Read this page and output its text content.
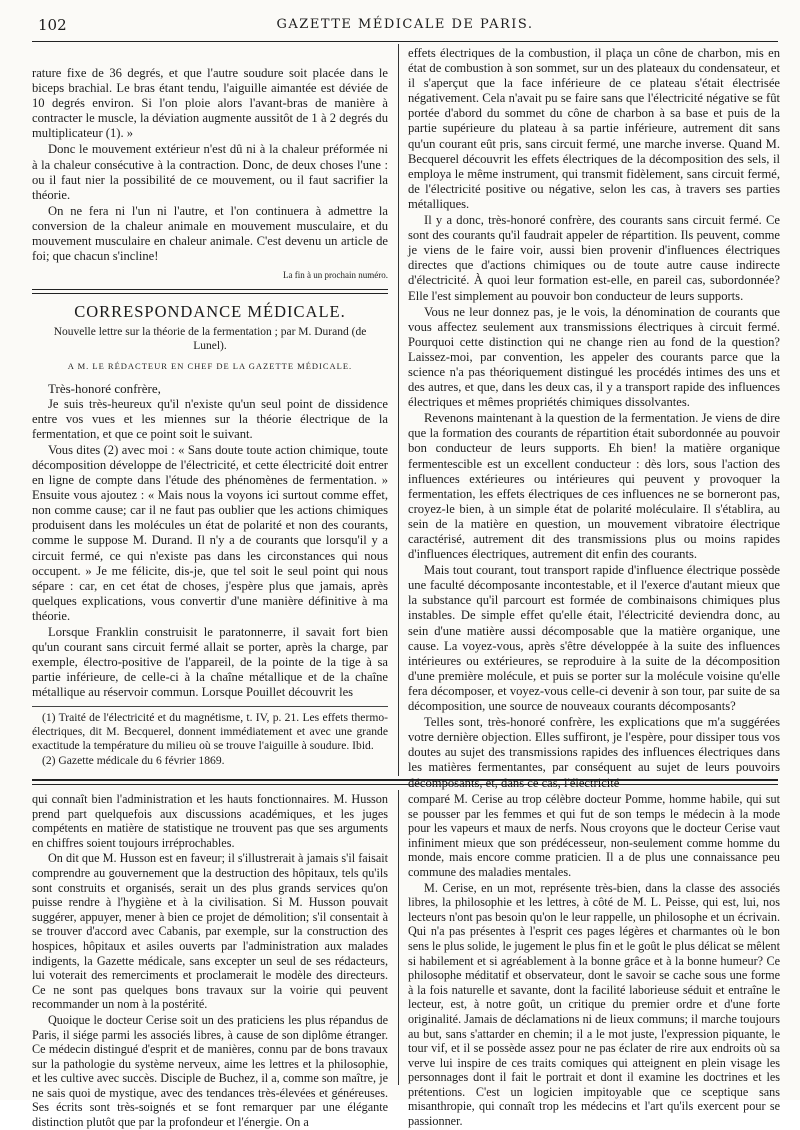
102	GAZETTE MÉDICALE DE PARIS.

rature fixe de 36 degrés, et que l'autre soudure soit placée dans le biceps brachial. Le bras étant tendu, l'aiguille aimantée est déviée de 10 degrés environ. Si l'on ploie alors l'avant-bras de manière à contracter le muscle, la déviation augmente aussitôt de 1 à 2 degrés du multiplicateur (1). »

Donc le mouvement extérieur n'est dû ni à la chaleur préformée ni à la chaleur consécutive à la contraction. Donc, de deux choses l'une : ou il faut nier la possibilité de ce mouvement, ou il faut sacrifier la théorie.

On ne fera ni l'un ni l'autre, et l'on continuera à admettre la conversion de la chaleur animale en mouvement musculaire, et du mouvement musculaire en chaleur animale. C'est devenu un article de foi; que chacun s'incline!

La fin à un prochain numéro.
CORRESPONDANCE MÉDICALE.
Nouvelle lettre sur la théorie de la fermentation ; par M. Durand (de Lunel).
A M. LE RÉDACTEUR EN CHEF DE LA GAZETTE MÉDICALE.

Très-honoré confrère,

Je suis très-heureux qu'il n'existe qu'un seul point de dissidence entre vos vues et les miennes sur la théorie électrique de la fermentation, et que ce point soit le suivant.

Vous dites (2) avec moi : « Sans doute toute action chimique, toute décomposition développe de l'électricité, et cette électricité doit entrer en ligne de compte dans l'étude des phénomènes de fermentation. » Ensuite vous ajoutez : « Mais nous la voyons ici surtout comme effet, non comme cause; car il ne faut pas oublier que les actions chimiques produisent dans les molécules un état de polarité et non des courants, comme le suppose M. Durand. Il n'y a de courants que lorsqu'il y a circuit fermé, ce qui n'existe pas dans les circonstances qui nous occupent. » Je me félicite, dis-je, que tel soit le seul point qui nous sépare : car, en cet état de choses, j'espère plus que jamais, après quelques explications, vous convertir d'une manière définitive à ma théorie.

Lorsque Franklin construisit le paratonnerre, il savait fort bien qu'un courant sans circuit fermé allait se porter, après la charge, par exemple, électro-positive de l'appareil, de la pointe de la tige à sa partie inférieure, de celle-ci à la chaîne métallique et de la chaîne métallique au réservoir commun. Lorsque Pouillet découvrit les

(1) Traité de l'électricité et du magnétisme, t. IV, p. 21. Les effets thermo-électriques, dit M. Becquerel, donnent immédiatement et avec une grande exactitude la température du milieu où se trouve l'aiguille à soudure. Ibid.

(2) Gazette médicale du 6 février 1869.

effets électriques de la combustion, il plaça un cône de charbon, mis en état de combustion à son sommet, sur un des plateaux du condensateur, et il s'aperçut que la face inférieure de ce plateau s'était électrisée négativement. Cela n'avait pu se faire sans que l'électricité négative se fût portée d'abord du sommet du cône de charbon à sa base et puis de la partie supérieure du plateau à sa partie inférieure, autrement dit sans qu'un courant eût pris, sans circuit fermé, une marche inverse. Quand M. Becquerel découvrit les effets électriques de la décomposition des sels, il employa le même instrument, qui transmit fidèlement, sans circuit fermé, de l'électricité positive ou négative, selon les cas, à travers ses parties métalliques.

Il y a donc, très-honoré confrère, des courants sans circuit fermé. Ce sont des courants qu'il faudrait appeler de répartition. Ils peuvent, comme je viens de le faire voir, aussi bien provenir d'influences électriques directes que d'actions chimiques ou de toute autre cause indirecte d'électricité. À quoi leur formation est-elle, en pareil cas, subordonnée? Elle l'est simplement au pouvoir bon conducteur de leurs supports.

Vous ne leur donnez pas, je le vois, la dénomination de courants que vous affectez seulement aux transmissions électriques à circuit fermé. Pourquoi cette distinction qui ne change rien au fond de la question? Laissez-moi, par convention, les appeler des courants parce que la science n'a pas théoriquement distingué les procédés intimes des uns et des autres, et que, dans les deux cas, il y a transport rapide des influences électriques et mêmes propriétés chimiques dissolvantes.

Revenons maintenant à la question de la fermentation. Je viens de dire que la formation des courants de répartition était subordonnée au pouvoir bon conducteur de leurs supports. Eh bien! la matière organique fermentescible est un excellent conducteur : dès lors, sous l'action des influences extérieures ou intérieures qui peuvent y provoquer la fermentation, les effets électriques de ces influences ne se borneront pas, croyez-le bien, à un simple état de polarité moléculaire. Il s'établira, au sein de la matière en question, un mouvement vibratoire électrique caractérisé, autrement dit des transmissions plus ou moins rapides d'influences électriques, autrement dit enfin des courants.

Mais tout courant, tout transport rapide d'influence électrique possède une faculté décomposante incontestable, et il l'exerce d'autant mieux que la substance qu'il parcourt est formée de combinaisons chimiques plus instables. De simple effet qu'elle était, l'électricité deviendra donc, au sein d'une matière aussi décomposable que la matière organique, une cause. La voyez-vous, après s'être développée à la suite des influences intérieures ou extérieures, se reproduire à la suite de la décomposition d'une première molécule, et puis se porter sur la molécule voisine qu'elle fera décomposer, et voyez-vous celle-ci devenir à son tour, par suite de sa décomposition, une source de nouveaux courants décomposants?

Telles sont, très-honoré confrère, les explications que m'a suggérées votre dernière objection. Elles suffiront, je l'espère, pour dissiper tous vos doutes au sujet des transmissions rapides des influences électriques dans les matières fermentantes, par conséquent au sujet de leurs pouvoirs décomposants, et, dans ce cas, l'électricité

qui connaît bien l'administration et les hauts fonctionnaires. M. Husson prend part quelquefois aux discussions académiques, et les juges compétents en matière de statistique ne trouvent pas que ses arguments en chiffres soient toujours irréprochables.

On dit que M. Husson est en faveur; il s'illustrerait à jamais s'il faisait comprendre au gouvernement que la destruction des hôpitaux, tels qu'ils sont construits et organisés, serait un des plus grands services qu'on puisse rendre à l'hygiène et à la civilisation. Si M. Husson pouvait suggérer, appuyer, mener à bien ce projet de démolition; s'il consentait à se trouver d'accord avec Cabanis, par exemple, sur la construction des hospices, hôpitaux et asiles ouverts par l'administration aux malades indigents, la Gazette médicale, sans excepter un seul de ses rédacteurs, lui voterait des remerciments et proclamerait le modèle des directeurs. Ce ne sont pas quelques bons travaux sur la voirie qui peuvent recommander un nom à la postérité.

Quoique le docteur Cerise soit un des praticiens les plus répandus de Paris, il siége parmi les associés libres, à cause de son diplôme étranger. Ce médecin distingué d'esprit et de manières, connu par de bons travaux sur la pathologie du système nerveux, aime les lettres et la philosophie, et les cultive avec succès. Disciple de Buchez, il a, comme son maître, je ne sais quoi de mystique, avec des tendances très-élevées et généreuses. Ses écrits sont très-soignés et se font remarquer par une élégante distinction plutôt que par la profondeur et l'énergie. On a

comparé M. Cerise au trop célèbre docteur Pomme, homme habile, qui sut se pousser par les femmes et qui fut de son temps le médecin à la mode pour les vapeurs et maux de nerfs. Nous croyons que le docteur Cerise vaut infiniment mieux que son prédécesseur, non-seulement comme homme du monde, mais encore comme praticien. Il a de plus une connaissance peu commune des maladies mentales.

M. Cerise, en un mot, représente très-bien, dans la classe des associés libres, la philosophie et les lettres, à côté de M. L. Peisse, qui est, lui, nos lecteurs n'ont pas besoin qu'on le leur rappelle, un philosophe et un écrivain. Qui n'a pas présentes à l'esprit ces pages légères et charmantes où le bon sens le plus solide, le jugement le plus fin et le goût le plus délicat se mêlent si habilement et si agréablement à la bonne grâce et à la bonne humeur? Ce philosophe méditatif et observateur, dont le savoir se cache sous une forme à la fois naturelle et savante, dont la facilité laborieuse séduit et entraîne le lecteur, est, à notre goût, un critique du premier ordre et d'une forte originalité. Jamais de déclamations ni de lieux communs; il marche toujours au but, sans s'attarder en chemin; il a le mot juste, l'expression piquante, le tour vif, et il se possède assez pour ne pas éclater de rire aux endroits où sa verve lui inspire de ces traits comiques qui atteignent en plein visage les personnages dont il fait le portrait et dont il examine les doctrines et les prétentions. C'est un logicien impitoyable que ce sceptique sans misanthropie, qui connaît trop les médecins et l'art qu'ils exercent pour se passionner.
